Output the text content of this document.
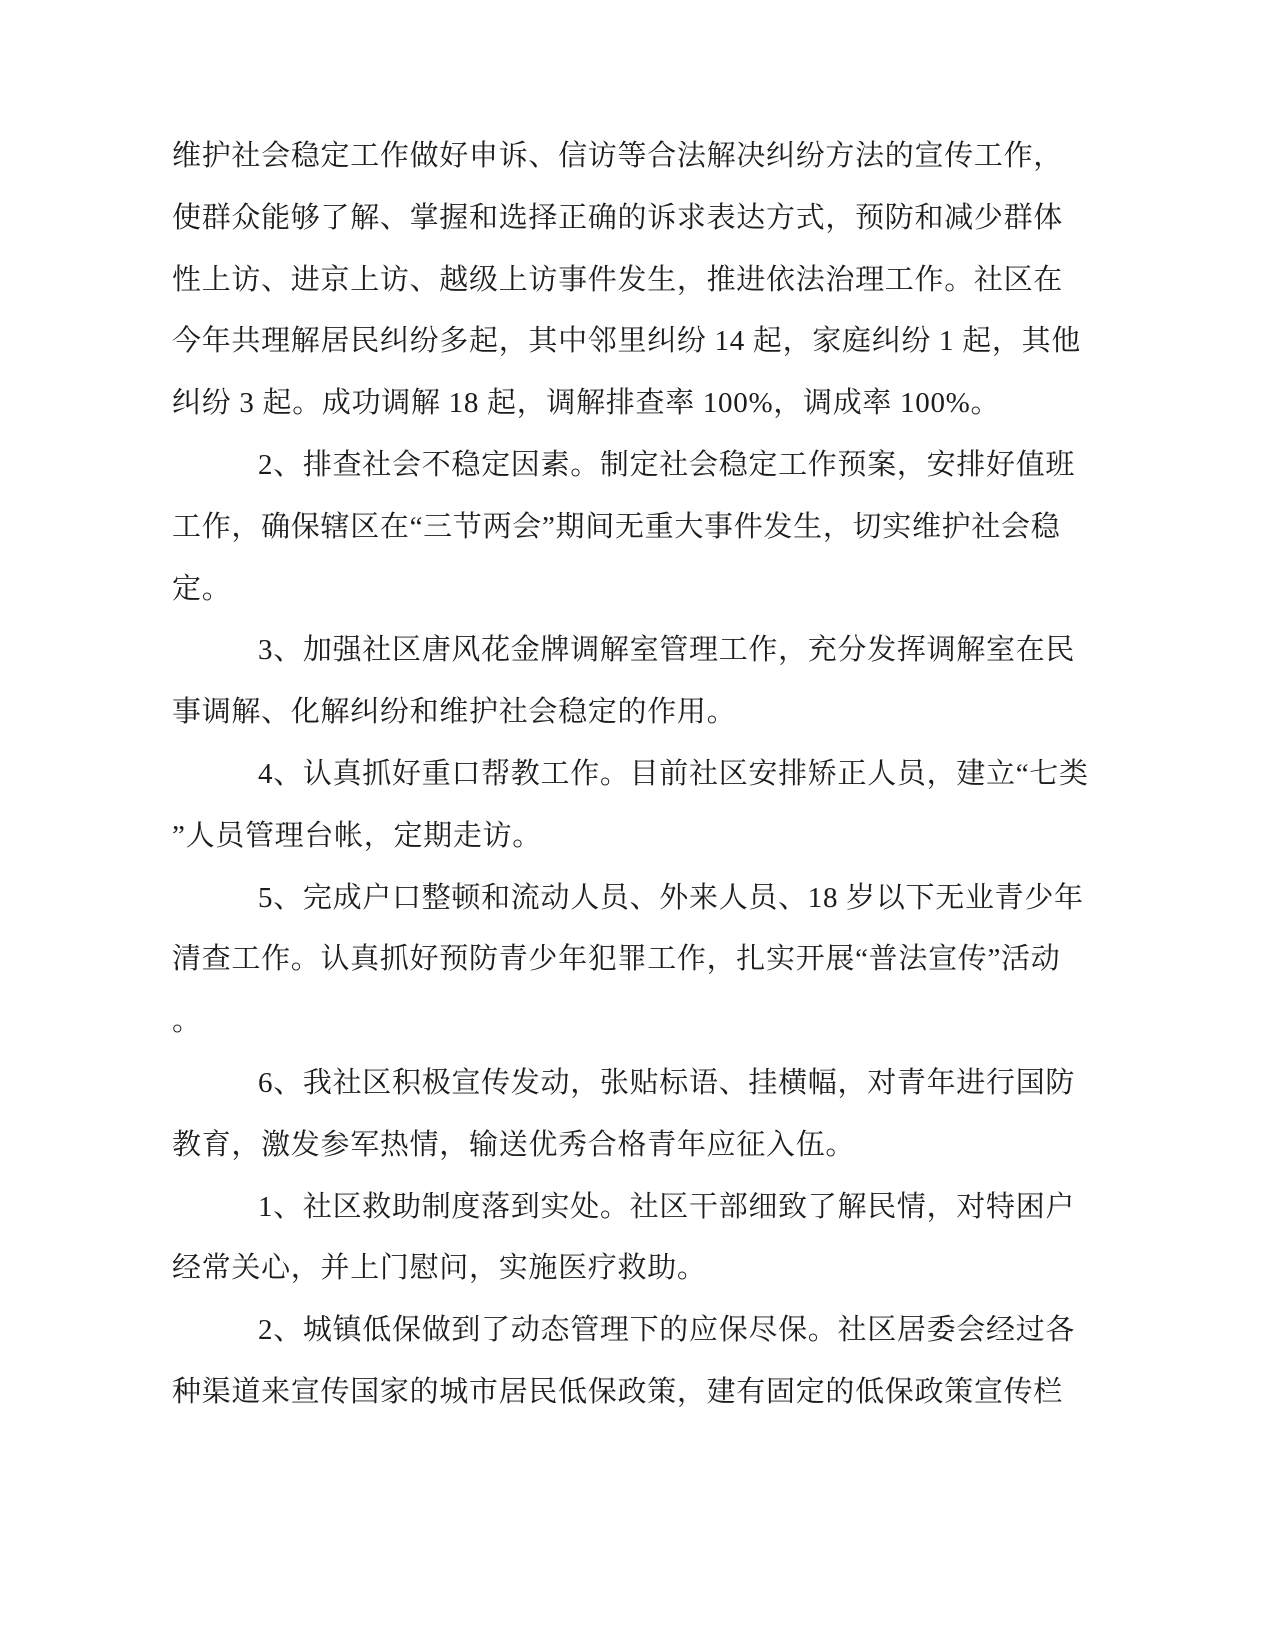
维护社会稳定工作做好申诉、信访等合法解决纠纷方法的宣传工作，
使群众能够了解、掌握和选择正确的诉求表达方式，预防和减少群体
性上访、进京上访、越级上访事件发生，推进依法治理工作。社区在
今年共理解居民纠纷多起，其中邻里纠纷 14 起，家庭纠纷 1 起，其他
纠纷 3 起。成功调解 18 起，调解排查率 100%，调成率 100%。
2、排查社会不稳定因素。制定社会稳定工作预案，安排好值班
工作，确保辖区在“三节两会”期间无重大事件发生，切实维护社会稳
定。
3、加强社区唐风花金牌调解室管理工作，充分发挥调解室在民
事调解、化解纠纷和维护社会稳定的作用。
4、认真抓好重口帮教工作。目前社区安排矫正人员，建立“七类
”人员管理台帐，定期走访。
5、完成户口整顿和流动人员、外来人员、18 岁以下无业青少年
清查工作。认真抓好预防青少年犯罪工作，扎实开展“普法宣传”活动
。
6、我社区积极宣传发动，张贴标语、挂横幅，对青年进行国防
教育，激发参军热情，输送优秀合格青年应征入伍。
1、社区救助制度落到实处。社区干部细致了解民情，对特困户
经常关心，并上门慰问，实施医疗救助。
2、城镇低保做到了动态管理下的应保尽保。社区居委会经过各
种渠道来宣传国家的城市居民低保政策，建有固定的低保政策宣传栏
